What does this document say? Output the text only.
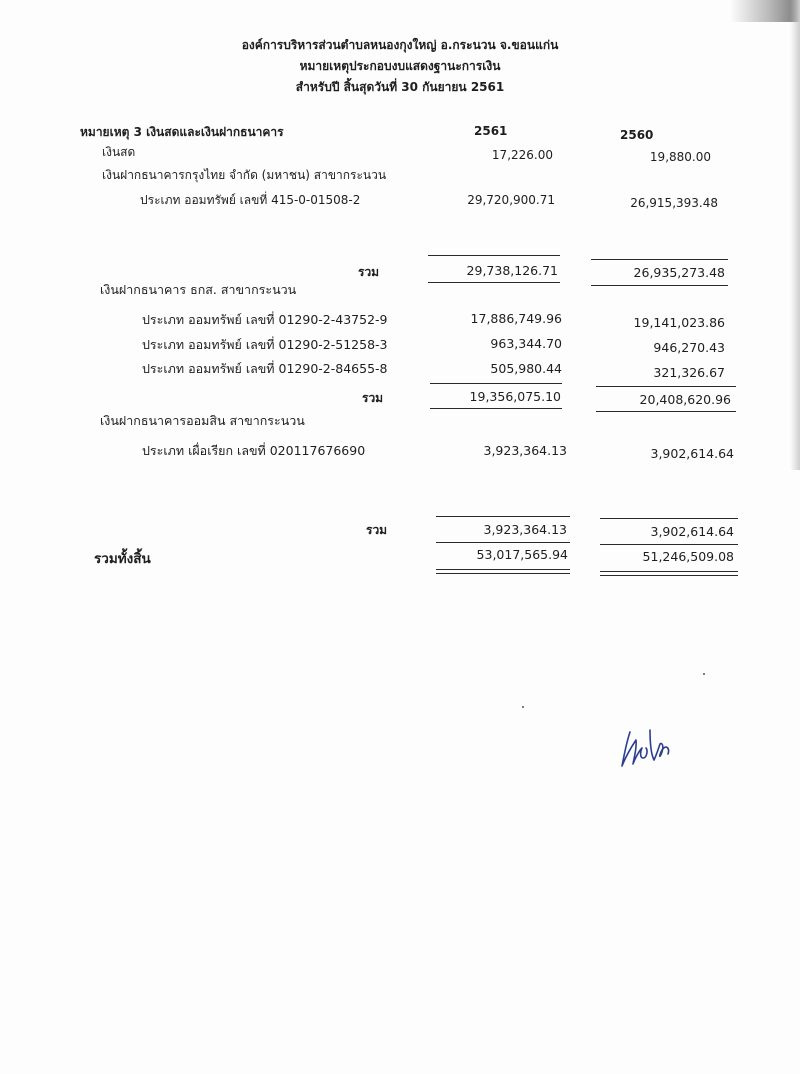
องค์การบริหารส่วนตำบลหนองกุงใหญ่ อ.กระนวน จ.ขอนแก่น
หมายเหตุประกอบงบแสดงฐานะการเงิน
สำหรับปี สิ้นสุดวันที่ 30 กันยายน 2561
หมายเหตุ 3 เงินสดและเงินฝากธนาคาร	2561	2560
เงินสด	17,226.00	19,880.00
เงินฝากธนาคารกรุงไทย จำกัด (มหาชน) สาขากระนวน
ประเภท ออมทรัพย์ เลขที่ 415-0-01508-2	29,720,900.71	26,915,393.48
รวม	29,738,126.71	26,935,273.48
เงินฝากธนาคาร ธกส. สาขากระนวน
ประเภท ออมทรัพย์ เลขที่ 01290-2-43752-9	17,886,749.96	19,141,023.86
ประเภท ออมทรัพย์ เลขที่ 01290-2-51258-3	963,344.70	946,270.43
ประเภท ออมทรัพย์ เลขที่ 01290-2-84655-8	505,980.44	321,326.67
รวม	19,356,075.10	20,408,620.96
เงินฝากธนาคารออมสิน สาขากระนวน
ประเภท เผื่อเรียก เลขที่ 020117676690	3,923,364.13	3,902,614.64
รวม	3,923,364.13	3,902,614.64
รวมทั้งสิ้น	53,017,565.94	51,246,509.08
